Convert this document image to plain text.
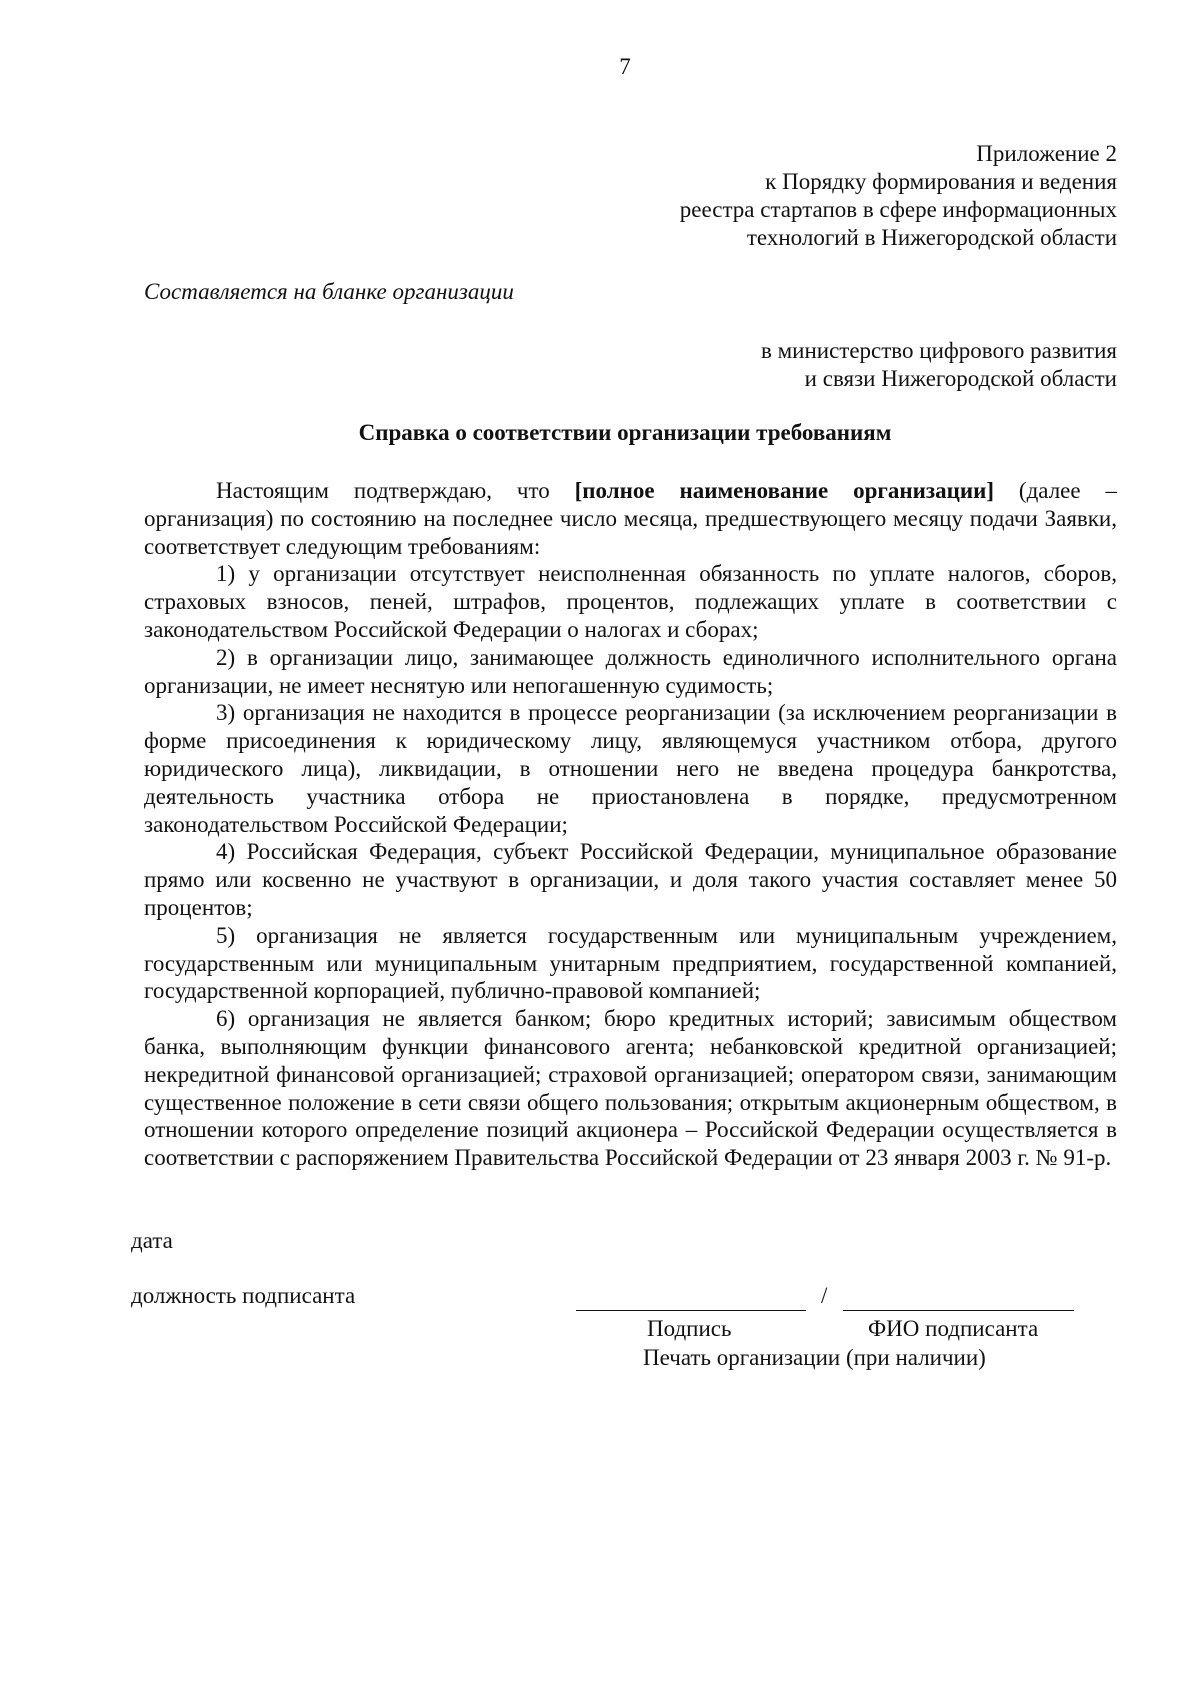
7
Приложение 2
к Порядку формирования и ведения
реестра стартапов в сфере информационных
технологий в Нижегородской области
Составляется на бланке организации
в министерство цифрового развития
и связи Нижегородской области
Справка о соответствии организации требованиям

Настоящим подтверждаю, что [полное наименование организации] (далее – организация) по состоянию на последнее число месяца, предшествующего месяцу подачи Заявки, соответствует следующим требованиям:

1) у организации отсутствует неисполненная обязанность по уплате налогов, сборов, страховых взносов, пеней, штрафов, процентов, подлежащих уплате в соответствии с законодательством Российской Федерации о налогах и сборах;

2) в организации лицо, занимающее должность единоличного исполнительного органа организации, не имеет неснятую или непогашенную судимость;

3) организация не находится в процессе реорганизации (за исключением реорганизации в форме присоединения к юридическому лицу, являющемуся участником отбора, другого юридического лица), ликвидации, в отношении него не введена процедура банкротства, деятельность участника отбора не приостановлена в порядке, предусмотренном законодательством Российской Федерации;

4) Российская Федерация, субъект Российской Федерации, муниципальное образование прямо или косвенно не участвуют в организации, и доля такого участия составляет менее 50 процентов;

5) организация не является государственным или муниципальным учреждением, государственным или муниципальным унитарным предприятием, государственной компанией, государственной корпорацией, публично-правовой компанией;

6) организация не является банком; бюро кредитных историй; зависимым обществом банка, выполняющим функции финансового агента; небанковской кредитной организацией; некредитной финансовой организацией; страховой организацией; оператором связи, занимающим существенное положение в сети связи общего пользования; открытым акционерным обществом, в отношении которого определение позиций акционера – Российской Федерации осуществляется в соответствии с распоряжением Правительства Российской Федерации от 23 января 2003 г. № 91-р.

дата
должность подписанта	/
Подпись	ФИО подписанта
Печать организации (при наличии)
